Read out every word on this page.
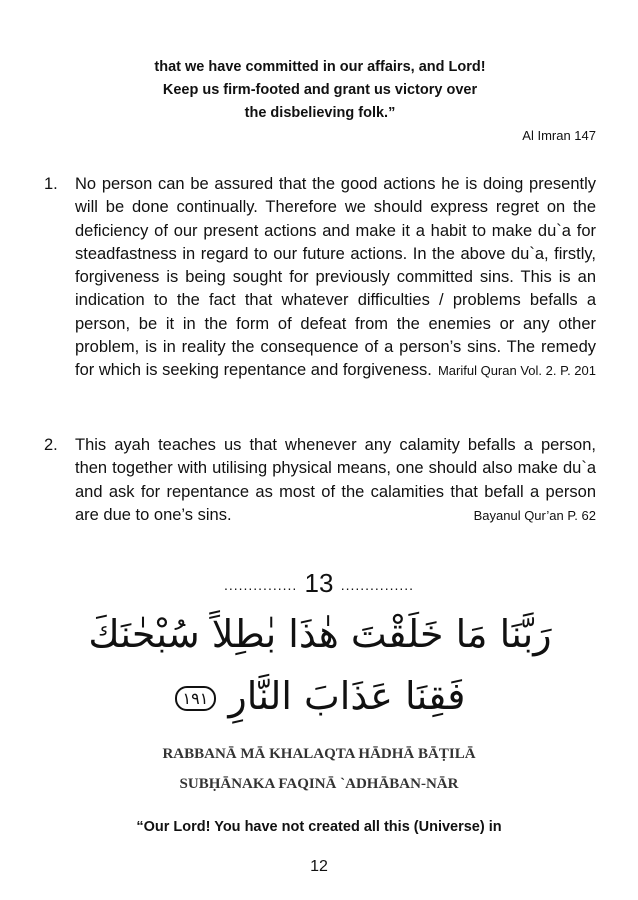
that we have committed in our affairs, and Lord!
Keep us firm-footed and grant us victory over
the disbelieving folk.”
Al Imran 147
1. No person can be assured that the good actions he is doing presently will be done continually. Therefore we should express regret on the deficiency of our present actions and make it a habit to make du`a for steadfastness in regard to our future actions. In the above du`a, firstly, forgiveness is being sought for previously committed sins. This is an indication to the fact that whatever difficulties / problems befalls a person, be it in the form of defeat from the enemies or any other problem, is in reality the consequence of a person’s sins. The remedy for which is seeking repentance and forgiveness. Mariful Quran Vol. 2. P. 201
2. This ayah teaches us that whenever any calamity befalls a person, then together with utilising physical means, one should also make du`a and ask for repentance as most of the calamities that befall a person are due to one’s sins.	Bayanul Qur’an P. 62
............... 13 ...............
رَبَّنَا مَا خَلَقْتَ هٰذَا بٰطِلاً سُبْحٰنَكَ
فَقِنَا عَذَابَ النَّارِ ١٩١
RABBANĀ MĀ KHALAQTA HĀDHĀ BĀṬILĀ
SUBḤĀNAKA FAQINĀ `ADHĀBAN-NĀR
“Our Lord! You have not created all this (Universe) in
12
